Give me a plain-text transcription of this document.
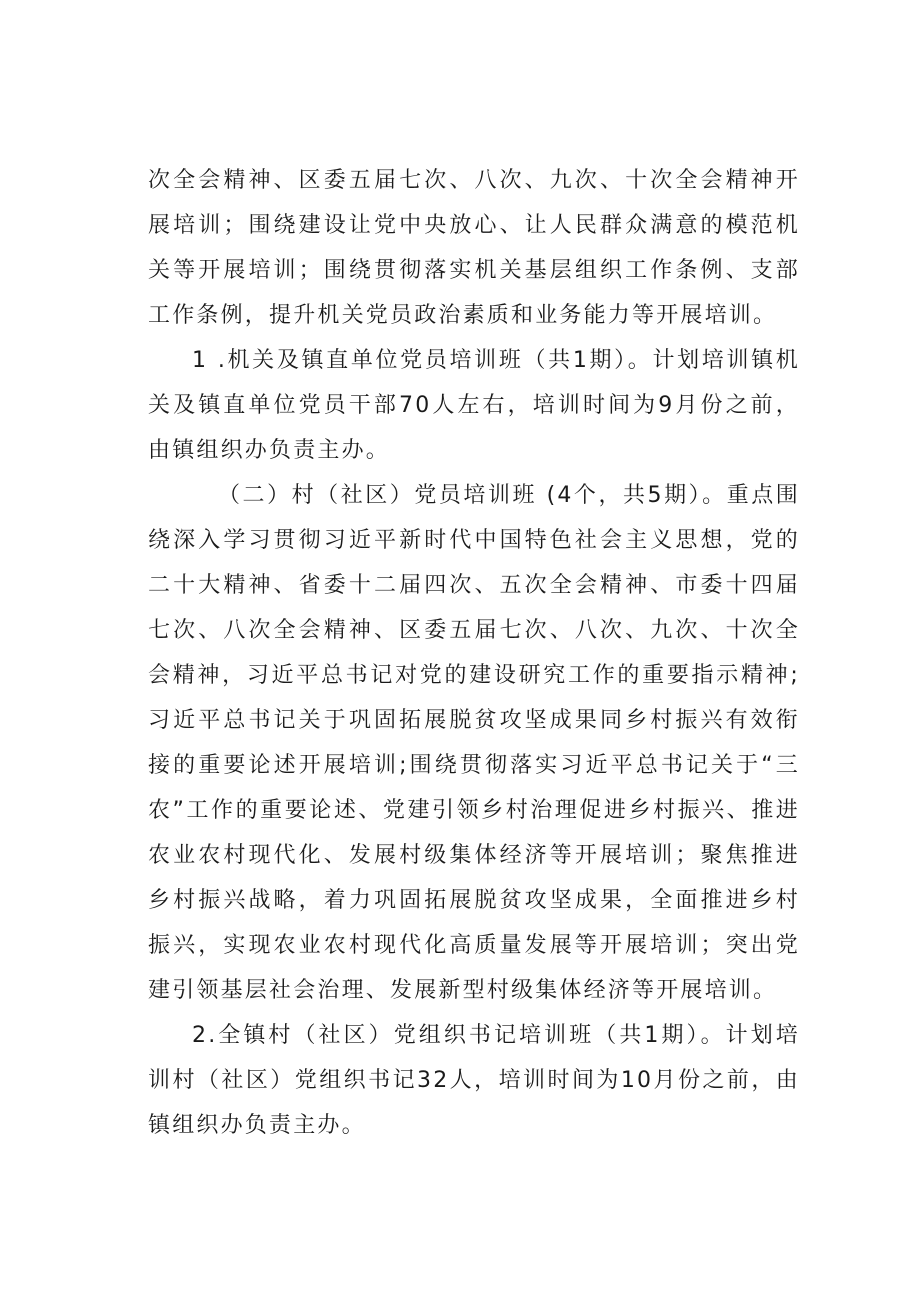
次全会精神、区委五届七次、八次、九次、十次全会精神开展培训；围绕建设让党中央放心、让人民群众满意的模范机关等开展培训；围绕贯彻落实机关基层组织工作条例、支部工作条例，提升机关党员政治素质和业务能力等开展培训。

1 .机关及镇直单位党员培训班（共1期）。计划培训镇机关及镇直单位党员干部70人左右，培训时间为9月份之前，由镇组织办负责主办。

（二）村（社区）党员培训班 (4个，共5期）。重点围绕深入学习贯彻习近平新时代中国特色社会主义思想，党的二十大精神、省委十二届四次、五次全会精神、市委十四届七次、八次全会精神、区委五届七次、八次、九次、十次全会精神，习近平总书记对党的建设研究工作的重要指示精神;习近平总书记关于巩固拓展脱贫攻坚成果同乡村振兴有效衔接的重要论述开展培训;围绕贯彻落实习近平总书记关于“三农”工作的重要论述、党建引领乡村治理促进乡村振兴、推进农业农村现代化、发展村级集体经济等开展培训；聚焦推进乡村振兴战略，着力巩固拓展脱贫攻坚成果，全面推进乡村振兴，实现农业农村现代化高质量发展等开展培训；突出党建引领基层社会治理、发展新型村级集体经济等开展培训。

2.全镇村（社区）党组织书记培训班（共1期）。计划培训村（社区）党组织书记32人，培训时间为10月份之前，由镇组织办负责主办。
